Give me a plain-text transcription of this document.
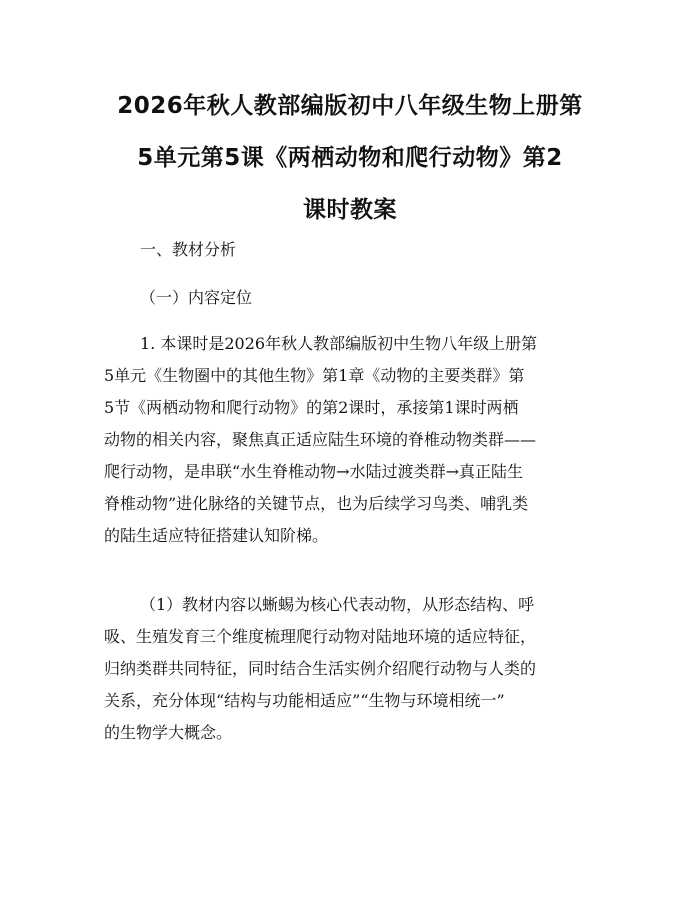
2026年秋人教部编版初中八年级生物上册第
5单元第5课《两栖动物和爬行动物》第2
课时教案

一、教材分析

（一）内容定位

1. 本课时是2026年秋人教部编版初中生物八年级上册第
5单元《生物圈中的其他生物》第1章《动物的主要类群》第
5节《两栖动物和爬行动物》的第2课时，承接第1课时两栖
动物的相关内容，聚焦真正适应陆生环境的脊椎动物类群——
爬行动物，是串联“水生脊椎动物→水陆过渡类群→真正陆生
脊椎动物”进化脉络的关键节点，也为后续学习鸟类、哺乳类
的陆生适应特征搭建认知阶梯。
（1）教材内容以蜥蜴为核心代表动物，从形态结构、呼
吸、生殖发育三个维度梳理爬行动物对陆地环境的适应特征，
归纳类群共同特征，同时结合生活实例介绍爬行动物与人类的
关系，充分体现“结构与功能相适应”“生物与环境相统一”
的生物学大概念。
